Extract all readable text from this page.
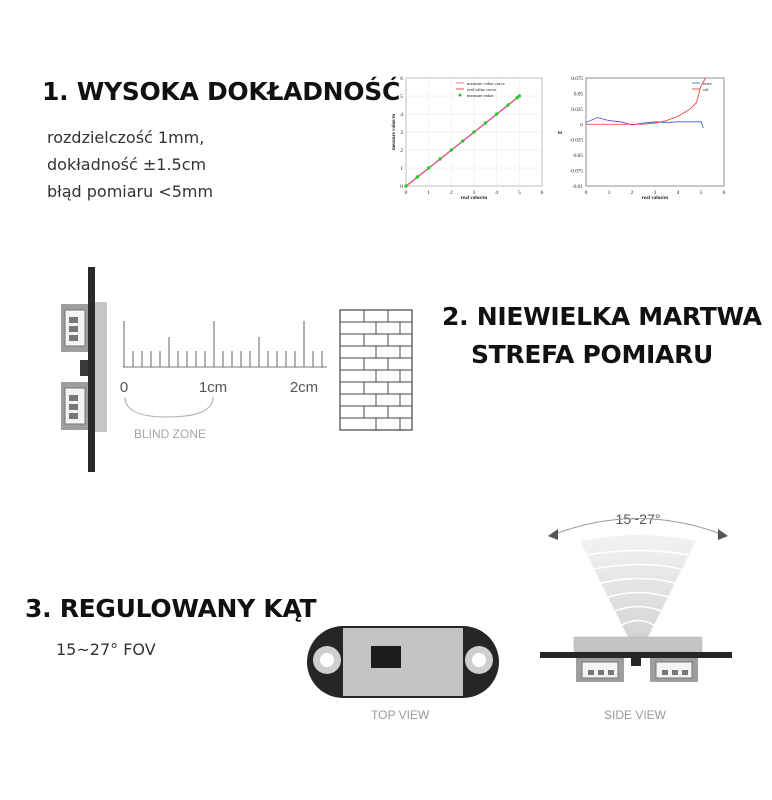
1. WYSOKA DOKŁADNOŚĆ
rozdzielczość 1mm,
dokładność ±1.5cm
błąd pomiaru <5mm	0	1	2	3	4	5	6
0
1
2
3
4
5
6
measure value curve
real value curve
measure value
real value/m
measure value/m
0.075
0.05
0.025
0
-0.025
-0.05
-0.075
-0.01
0	1	2	3	4	5	6
error
std
real value/m
m
0	1cm	2cm
BLIND ZONE
2. NIEWIELKA MARTWA
STREFA POMIARU
3. REGULOWANY KĄT
15~27° FOV
TOP VIEW
15~27°
SIDE VIEW
